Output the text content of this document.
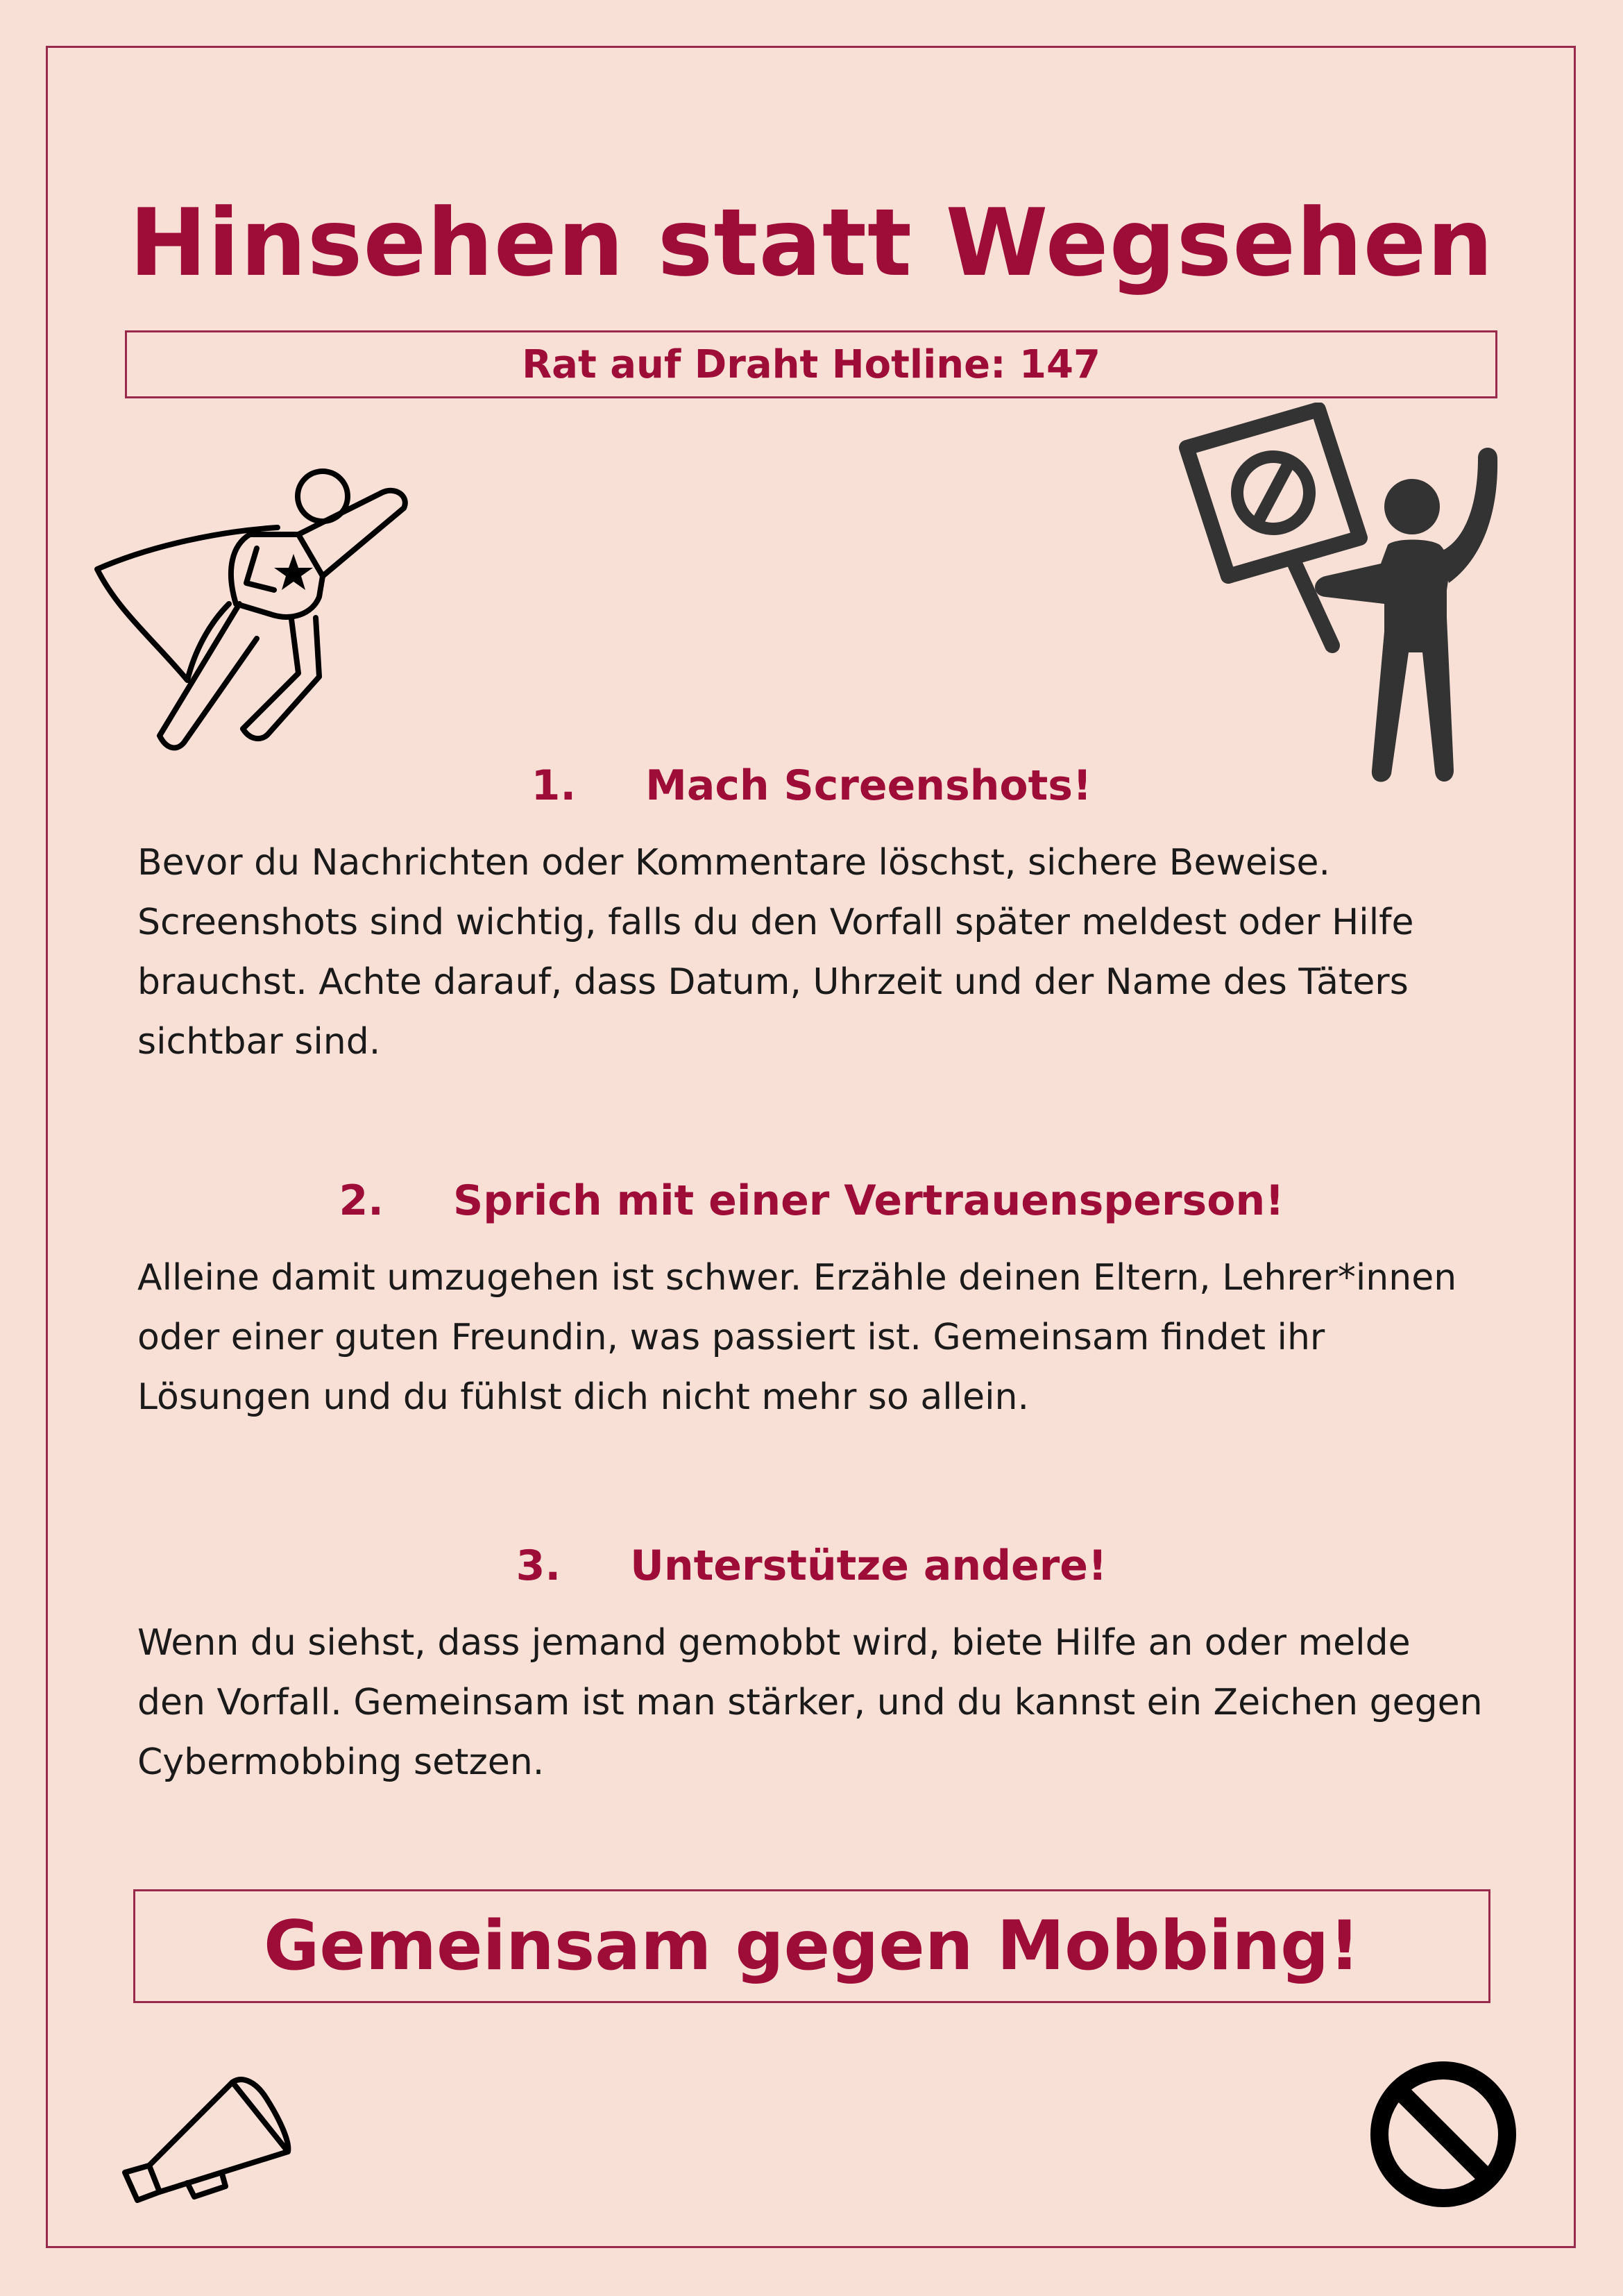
Hinsehen statt Wegsehen
Rat auf Draht Hotline: 147
1. Mach Screenshots!
Bevor du Nachrichten oder Kommentare löschst, sichere Beweise.
Screenshots sind wichtig, falls du den Vorfall später meldest oder Hilfe
brauchst. Achte darauf, dass Datum, Uhrzeit und der Name des Täters
sichtbar sind.
2. Sprich mit einer Vertrauensperson!
Alleine damit umzugehen ist schwer. Erzähle deinen Eltern, Lehrer*innen
oder einer guten Freundin, was passiert ist. Gemeinsam findet ihr
Lösungen und du fühlst dich nicht mehr so allein.
3. Unterstütze andere!
Wenn du siehst, dass jemand gemobbt wird, biete Hilfe an oder melde
den Vorfall. Gemeinsam ist man stärker, und du kannst ein Zeichen gegen
Cybermobbing setzen.
Gemeinsam gegen Mobbing!
